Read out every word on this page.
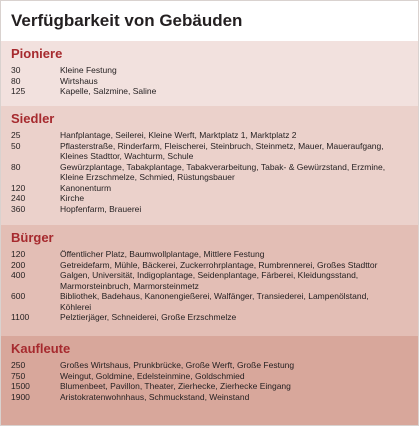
Verfügbarkeit von Gebäuden
Pioniere
30	Kleine Festung
80	Wirtshaus
125	Kapelle, Salzmine, Saline
Siedler
25	Hanfplantage, Seilerei, Kleine Werft, Marktplatz 1, Marktplatz 2
50	Pflasterstraße, Rinderfarm, Fleischerei, Steinbruch, Steinmetz, Mauer, Maueraufgang, Kleines Stadttor, Wachturm, Schule
80	Gewürzplantage, Tabakplantage, Tabakverarbeitung, Tabak- & Gewürzstand, Erzmine, Kleine Erzschmelze, Schmied, Rüstungsbauer
120	Kanonenturm
240	Kirche
360	Hopfenfarm, Brauerei
Bürger
120	Öffentlicher Platz, Baumwollplantage, Mittlere Festung
200	Getreidefarm, Mühle, Bäckerei, Zuckerrohrplantage, Rumbrennerei, Großes Stadttor
400	Galgen, Universität, Indigoplantage, Seidenplantage, Färberei, Kleidungsstand, Marmorsteinbruch, Marmorsteinmetz
600	Bibliothek, Badehaus, Kanonengießerei, Walfänger, Transiederei, Lampenölstand, Köhlerei
1100	Pelztierjäger, Schneiderei, Große Erzschmelze
Kaufleute
250	Großes Wirtshaus, Prunkbrücke, Große Werft, Große Festung
750	Weingut, Goldmine, Edelsteinmine, Goldschmied
1500	Blumenbeet, Pavillon, Theater, Zierhecke, Zierhecke Eingang
1900	Aristokratenwohnhaus, Schmuckstand, Weinstand
